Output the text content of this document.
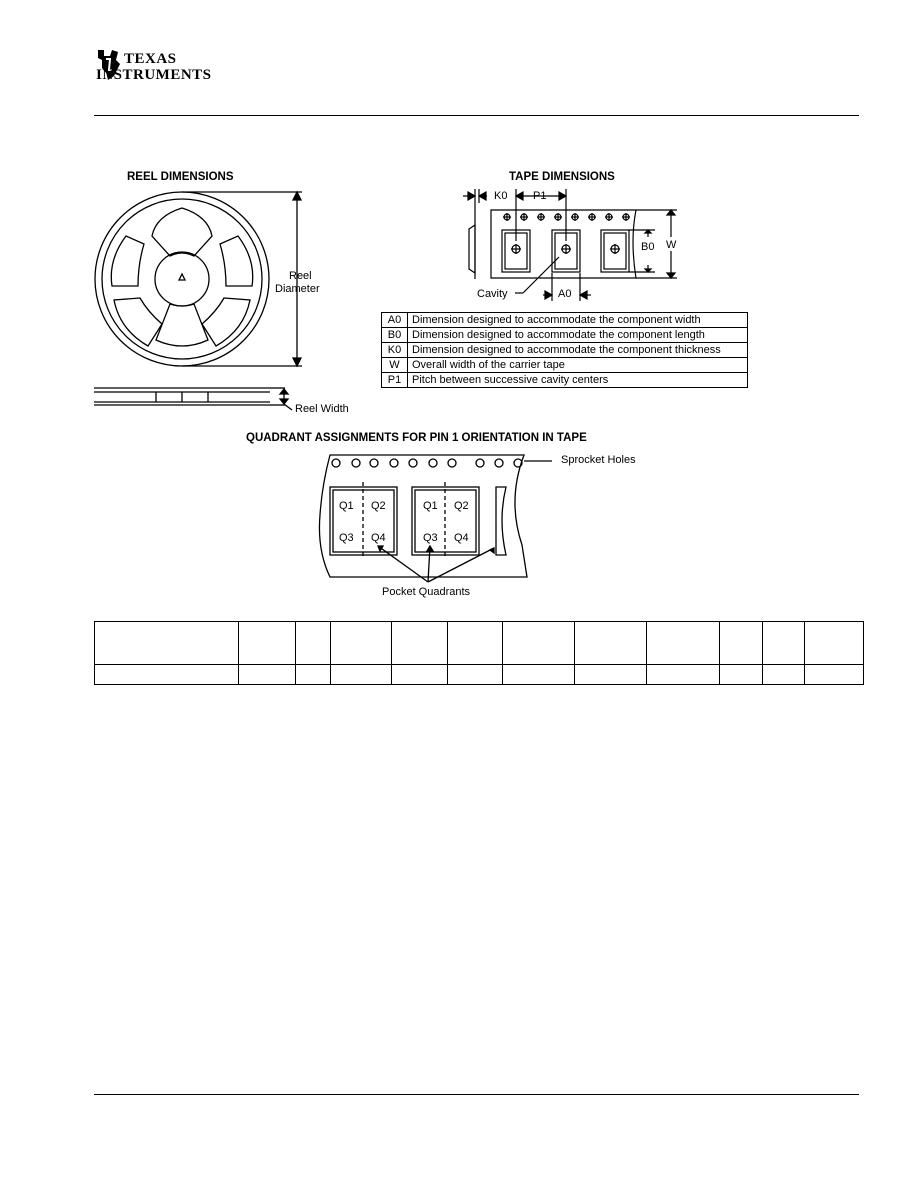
TEXAS
INSTRUMENTS
REEL DIMENSIONS
Reel
Diameter
Reel Width
TAPE DIMENSIONS
K0 P1
B0 W
A0
Cavity
A0	Dimension designed to accommodate the component width
B0	Dimension designed to accommodate the component length
K0	Dimension designed to accommodate the component thickness
W	Overall width of the carrier tape
P1	Pitch between successive cavity centers
QUADRANT ASSIGNMENTS FOR PIN 1 ORIENTATION IN TAPE
Sprocket Holes
Pocket Quadrants
Q1 Q2
Q3 Q4
Q1 Q2
Q3 Q4
